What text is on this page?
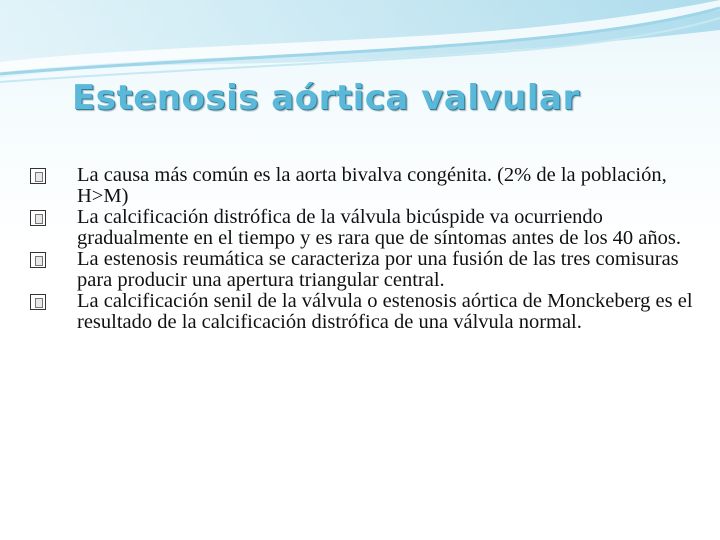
Estenosis aórtica valvular

La causa más común es la aorta bivalva congénita. (2% de la población, H>M)

La calcificación distrófica de la válvula bicúspide va ocurriendo gradualmente en el tiempo y es rara que de síntomas antes de los 40 años.

La estenosis reumática se caracteriza por una fusión de las tres comisuras para producir una apertura triangular central.

La calcificación senil de la válvula o estenosis aórtica de Monckeberg es el resultado de la calcificación distrófica de una válvula normal.
